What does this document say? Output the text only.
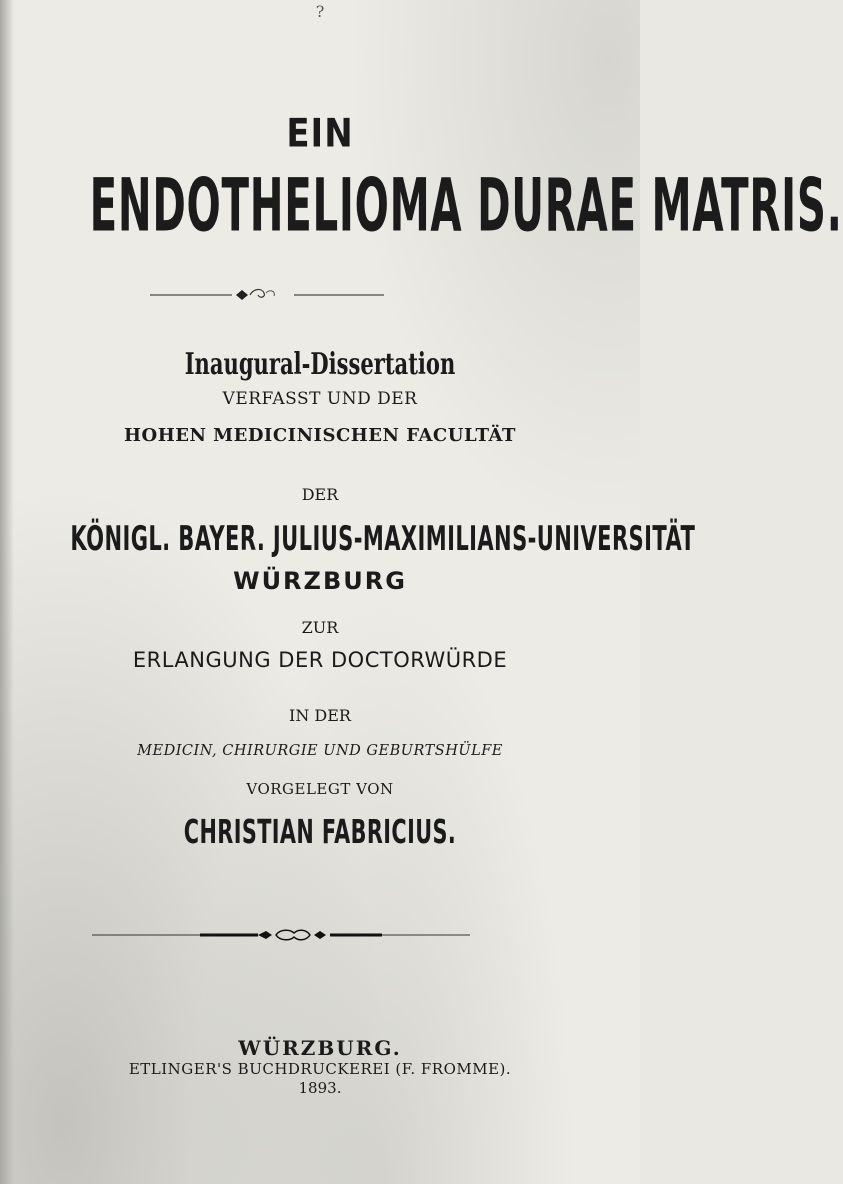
?
EIN
ENDOTHELIOMA DURAE MATRIS.
Inaugural-Dissertation
VERFASST UND DER
HOHEN MEDICINISCHEN FACULTÄT
DER
KÖNIGL. BAYER. JULIUS-MAXIMILIANS-UNIVERSITÄT
WÜRZBURG
ZUR
ERLANGUNG DER DOCTORWÜRDE
IN DER
MEDICIN, CHIRURGIE UND GEBURTSHÜLFE
VORGELEGT VON
CHRISTIAN FABRICIUS.
WÜRZBURG.
ETLINGER'S BUCHDRUCKEREI (F. FROMME).
1893.
